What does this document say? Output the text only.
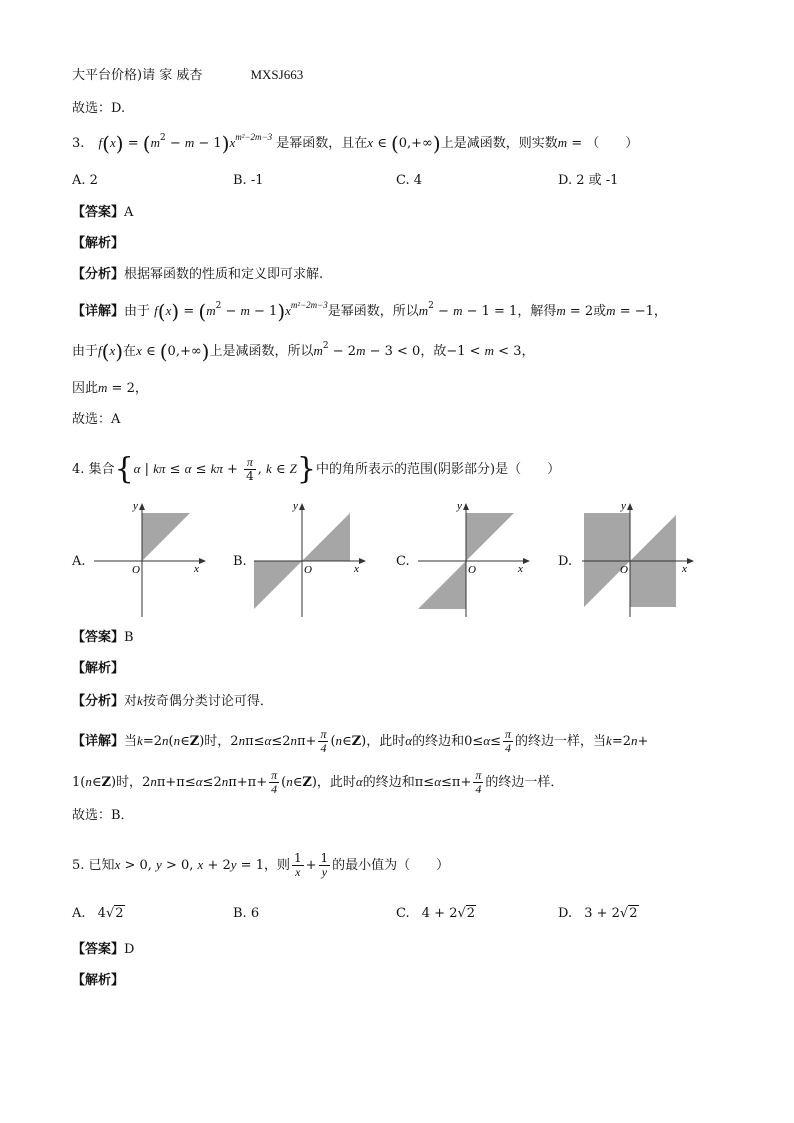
大平台价格)请 家 威杏	MXSJ663
故选：D.
3. $f(x) = (m^2 - m - 1)x^{m^2-2m-3}$ 是幂函数，且在x ∈ (0,+∞)上是减函数，则实数m = （　　）
A. 2	B. -1	C. 4	D. 2 或 -1
【答案】A
【解析】
【分析】根据幂函数的性质和定义即可求解.
【详解】由于 $f(x) = (m^2 - m - 1)x^{m^2-2m-3}$是幂函数，所以$m^2 - m - 1 = 1$，解得m = 2或m = −1，
由于f(x)在x ∈ (0,+∞)上是减函数，所以$m^2 - 2m - 3 < 0$，故−1 < m < 3，
因此m = 2，
故选：A
4. 集合{α | $k\pi \le \alpha \le k\pi + \frac{\pi}{4}$ , k ∈ Z}中的角所表示的范围(阴影部分)是（　　）
A.	x
y
O
B.	x
y
O
C.	x
y
O
D.	x
y
O
【答案】B
【解析】
【分析】对k按奇偶分类讨论可得．
【详解】当k=2n(n∈Z)时，$2n\pi\le\alpha\le 2n\pi+ \frac{\pi}{4}$ (n∈Z)，此时α的终边和$0\le\alpha\le \frac{\pi}{4}$ 的终边一样，当k=2n+
1(n∈Z)时，$2n\pi+\pi\le\alpha\le 2n\pi+\pi+ \frac{\pi}{4}$ (n∈Z)，此时α的终边和$\pi\le\alpha\le\pi+ \frac{\pi}{4}$ 的终边一样．
故选：B．
5. 已知x > 0, y > 0, x + 2y = 1，则 $\frac{1}{x} + \frac{1}{y}$ 的最小值为（　　）
A. 4√2	B. 6	C. 4 + 2√2	D. 3 + 2√2
【答案】D
【解析】
